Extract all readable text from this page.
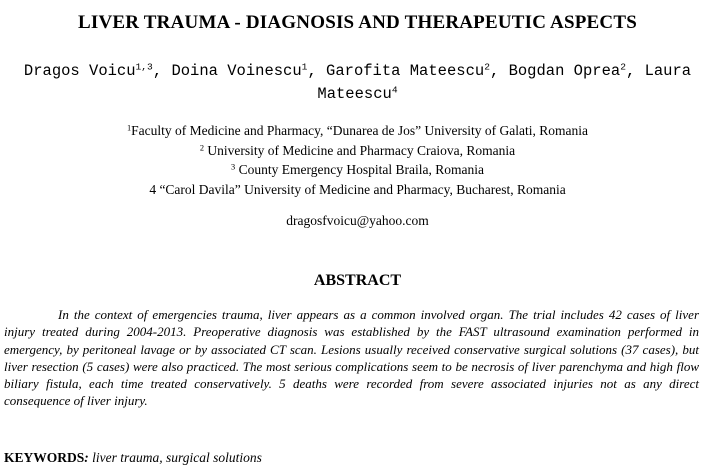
LIVER TRAUMA - DIAGNOSIS AND THERAPEUTIC ASPECTS
Dragos Voicu$^{1,3}$, Doina Voinescu$^1$, Garofita Mateescu$^2$, Bogdan Oprea$^2$, Laura Mateescu$^4$
$^1$Faculty of Medicine and Pharmacy, “Dunarea de Jos” University of Galati, Romania
$^2$ University of Medicine and Pharmacy Craiova, Romania
$^3$ County Emergency Hospital Braila, Romania
4 “Carol Davila” University of Medicine and Pharmacy, Bucharest, Romania
dragosfvoicu@yahoo.com
ABSTRACT

In the context of emergencies trauma, liver appears as a common involved organ. The trial includes 42 cases of liver injury treated during 2004-2013. Preoperative diagnosis was established by the FAST ultrasound examination performed in emergency, by peritoneal lavage or by associated CT scan. Lesions usually received conservative surgical solutions (37 cases), but liver resection (5 cases) were also practiced. The most serious complications seem to be necrosis of liver parenchyma and high flow biliary fistula, each time treated conservatively. 5 deaths were recorded from severe associated injuries not as any direct consequence of liver injury.

KEYWORDS: liver trauma, surgical solutions
